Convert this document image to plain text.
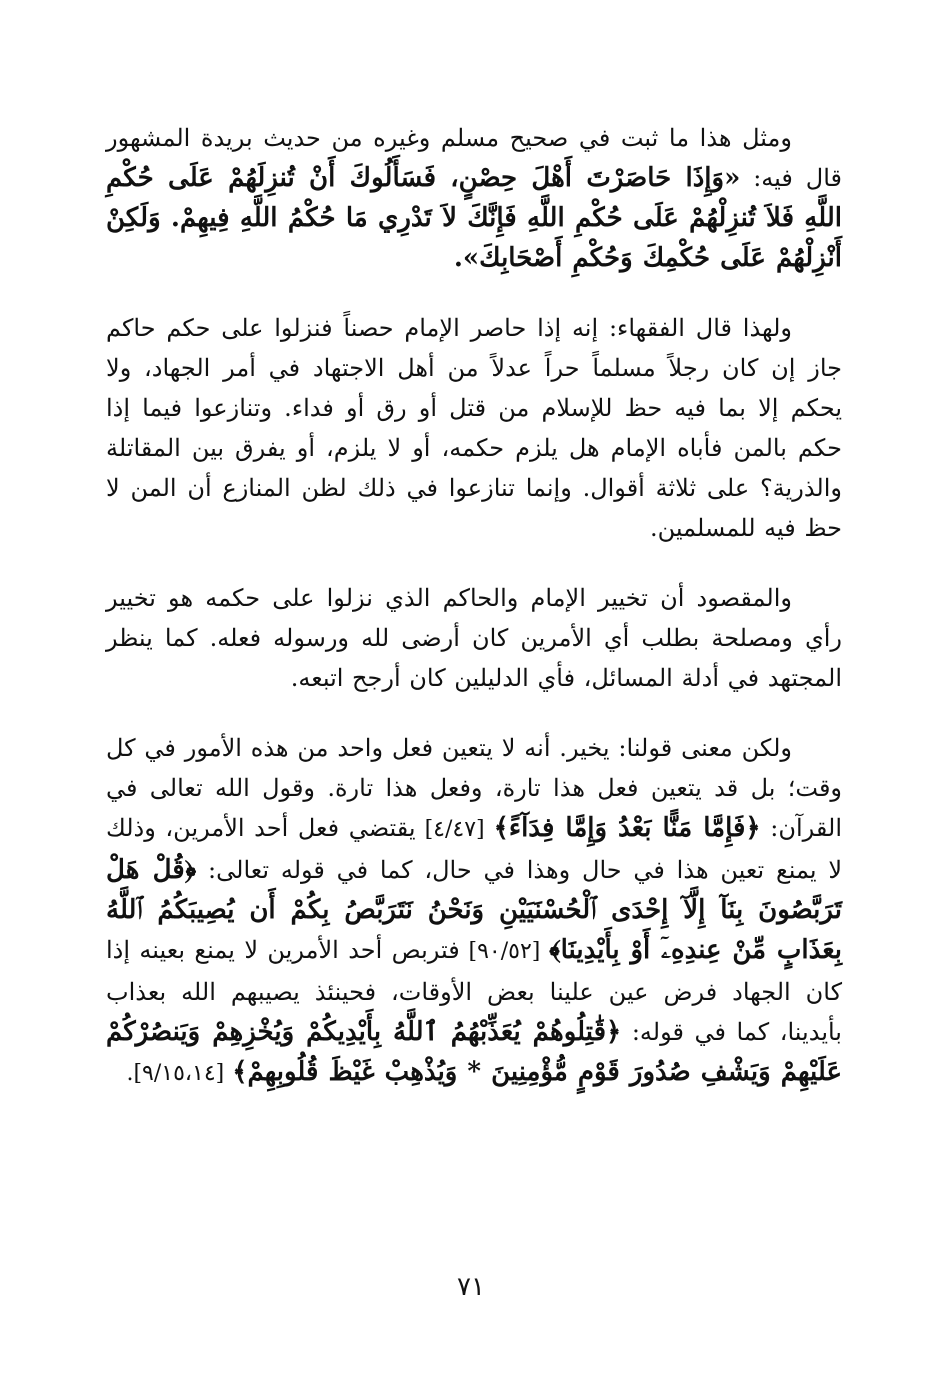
ومثل هذا ما ثبت في صحيح مسلم وغيره من حديث بريدة المشهور قال فيه: «وَإِذَا حَاصَرْتَ أَهْلَ حِصْنٍ، فَسَأَلُوكَ أَنْ تُنزِلَهُمْ عَلَى حُكْمِ اللَّهِ فَلاَ تُنزِلْهُمْ عَلَى حُكْمِ اللَّهِ فَإِنَّكَ لاَ تَدْرِي مَا حُكْمُ اللَّهِ فِيهِمْ. وَلَكِنْ أَنْزِلْهُمْ عَلَى حُكْمِكَ وَحُكْمِ أَصْحَابِكَ».

ولهذا قال الفقهاء: إنه إذا حاصر الإمام حصناً فنزلوا على حكم حاكم جاز إن كان رجلاً مسلماً حراً عدلاً من أهل الاجتهاد في أمر الجهاد، ولا يحكم إلا بما فيه حظ للإسلام من قتل أو رق أو فداء. وتنازعوا فيما إذا حكم بالمن فأباه الإمام هل يلزم حكمه، أو لا يلزم، أو يفرق بين المقاتلة والذرية؟ على ثلاثة أقوال. وإنما تنازعوا في ذلك لظن المنازع أن المن لا حظ فيه للمسلمين.

والمقصود أن تخيير الإمام والحاكم الذي نزلوا على حكمه هو تخيير رأي ومصلحة بطلب أي الأمرين كان أرضى لله ورسوله فعله. كما ينظر المجتهد في أدلة المسائل، فأي الدليلين كان أرجح اتبعه.

ولكن معنى قولنا: يخير. أنه لا يتعين فعل واحد من هذه الأمور في كل وقت؛ بل قد يتعين فعل هذا تارة، وفعل هذا تارة. وقول الله تعالى في القرآن: ﴿فَإِمَّا مَنًّا بَعْدُ وَإِمَّا فِدَآءً﴾ [٤/٤٧] يقتضي فعل أحد الأمرين، وذلك لا يمنع تعين هذا في حال وهذا في حال، كما في قوله تعالى: ﴿قُلْ هَلْ تَرَبَّصُونَ بِنَآ إِلَّآ إِحْدَى ٱلْحُسْنَيَيْنِ وَنَحْنُ نَتَرَبَّصُ بِكُمْ أَن يُصِيبَكُمُ ٱللَّهُ بِعَذَابٍ مِّنْ عِندِهِۦٓ أَوْ بِأَيْدِينَا﴾ [٩٠/٥٢] فتربص أحد الأمرين لا يمنع بعينه إذا كان الجهاد فرض عين علينا بعض الأوقات، فحينئذ يصيبهم الله بعذاب بأيدينا، كما في قوله: ﴿قَٰتِلُوهُمْ يُعَذِّبْهُمُ ٱللَّهُ بِأَيْدِيكُمْ وَيُخْزِهِمْ وَيَنصُرْكُمْ عَلَيْهِمْ وَيَشْفِ صُدُورَ قَوْمٍ مُّؤْمِنِينَ * وَيُذْهِبْ غَيْظَ قُلُوبِهِمْ﴾ [٩/١٥،١٤].

٧١
